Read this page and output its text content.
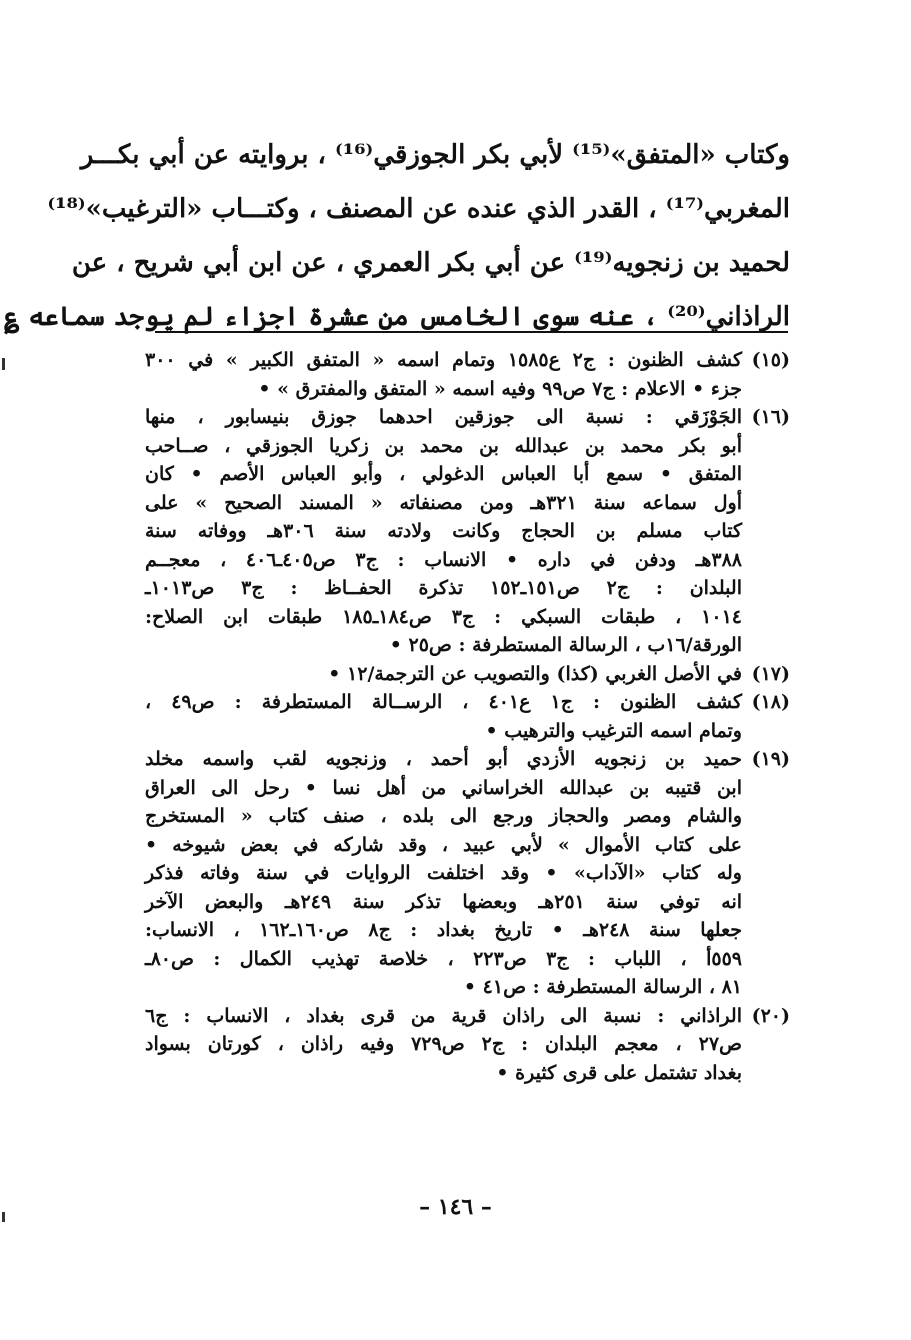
وكتاب «المتفق»⁽¹⁵⁾ لأبي بكر الجوزقي⁽¹⁶⁾ ، بروايته عن أبي بكـــر
المغربي⁽¹⁷⁾ ، القدر الذي عنده عن المصنف ، وكتـــاب «الترغيب»⁽¹⁸⁾
لحميد بن زنجويه⁽¹⁹⁾ عن أبي بكر العمري ، عن ابن أبي شريح ، عن
الراذاني⁽²⁰⁾ ، عنه سوى الخامس من عشرة اجزاء لم يوجد سماعه ؏
(١٥)
كشف الظنون : ج٢ ع١٥٨٥ وتمام اسمه « المتفق الكبير » في ٣٠٠
جزء • الاعلام : ج٧ ص٩٩ وفيه اسمه « المتفق والمفترق » •
(١٦)
الجَوْزَقي : نسبة الى جوزقين احدهما جوزق بنيسابور ، منها
أبو بكر محمد بن عبدالله بن محمد بن زكريا الجوزقي ، صــاحب
المتفق • سمع أبا العباس الدغولي ، وأبو العباس الأصم • كان
أول سماعه سنة ٣٢١هـ ومن مصنفاته « المسند الصحيح » على
كتاب مسلم بن الحجاج وكانت ولادته سنة ٣٠٦هـ ووفاته سنة
٣٨٨هـ ودفن في داره • الانساب : ج٣ ص٤٠٥ـ٤٠٦ ، معجــم
البلدان : ج٢ ص١٥١ـ١٥٢ تذكرة الحفــاظ : ج٣ ص١٠١٣ـ
١٠١٤ ، طبقات السبكي : ج٣ ص١٨٤ـ١٨٥ طبقات ابن الصلاح:
الورقة/١٦ب ، الرسالة المستطرفة : ص٢٥ •
(١٧)
في الأصل الغربي (كذا) والتصويب عن الترجمة/١٢ •
(١٨)
كشف الظنون : ج١ ع٤٠١ ، الرســالة المستطرفة : ص٤٩ ،
وتمام اسمه الترغيب والترهيب •
(١٩)
حميد بن زنجويه الأزدي أبو أحمد ، وزنجويه لقب واسمه مخلد
ابن قتيبه بن عبدالله الخراساني من أهل نسا • رحل الى العراق
والشام ومصر والحجاز ورجع الى بلده ، صنف كتاب « المستخرج
على كتاب الأموال » لأبي عبيد ، وقد شاركه في بعض شيوخه •
وله كتاب «الآداب» • وقد اختلفت الروايات في سنة وفاته فذكر
انه توفي سنة ٢٥١هـ وبعضها تذكر سنة ٢٤٩هـ والبعض الآخر
جعلها سنة ٢٤٨هـ • تاريخ بغداد : ج٨ ص١٦٠ـ١٦٢ ، الانساب:
٥٥٩أ ، اللباب : ج٣ ص٢٢٣ ، خلاصة تهذيب الكمال : ص٨٠ـ
٨١ ، الرسالة المستطرفة : ص٤١ •
(٢٠)
الراذاني : نسبة الى راذان قرية من قرى بغداد ، الانساب : ج٦
ص٢٧ ، معجم البلدان : ج٢ ص٧٢٩ وفيه راذان ، كورتان بسواد
بغداد تشتمل على قرى كثيرة •
– ١٤٦ –
